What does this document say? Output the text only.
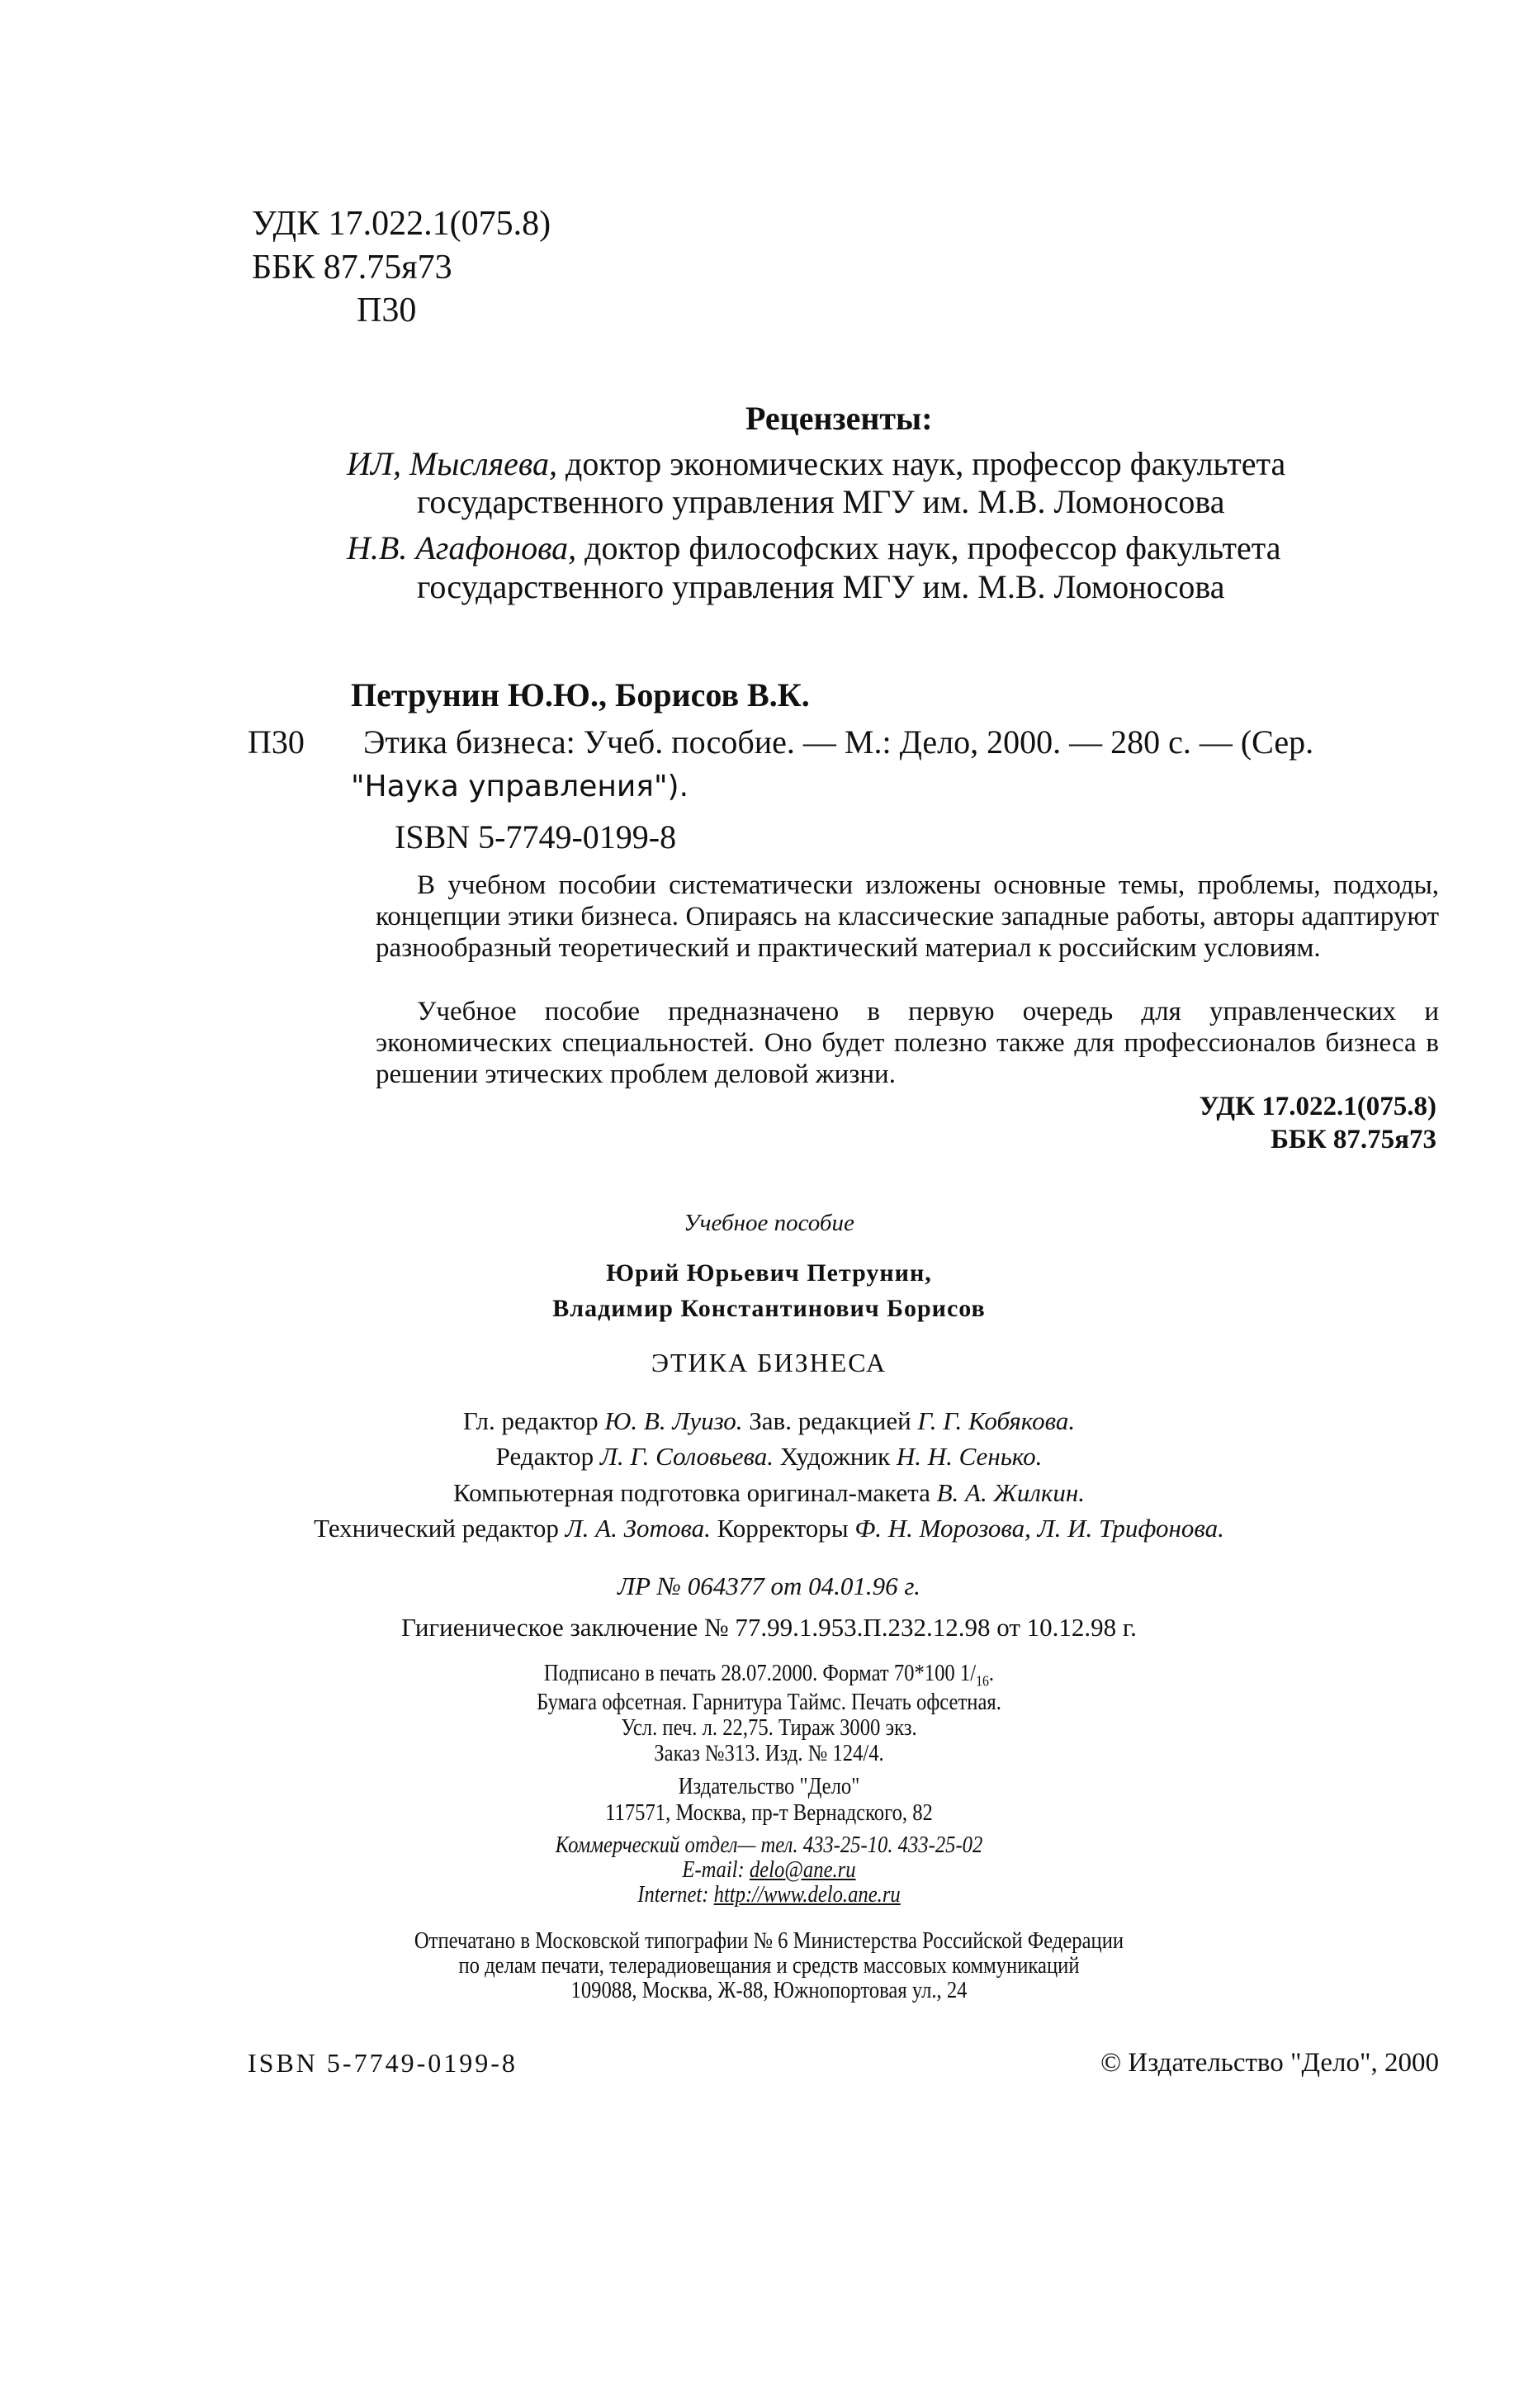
УДК 17.022.1(075.8)
ББК 87.75я73
П30
Рецензенты:
ИЛ, Мысляева, доктор экономических наук, профессор факультета
государственного управления МГУ им. М.В. Ломоносова
Н.В. Агафонова, доктор философских наук, профессор факультета
государственного управления МГУ им. М.В. Ломоносова
Петрунин Ю.Ю., Борисов В.К.
П30 Этика бизнеса: Учеб. пособие. — М.: Дело, 2000. — 280 с. — (Сер.
"Наука управления").
ISBN 5-7749-0199-8
В учебном пособии систематически изложены основные темы, проблемы, подходы, концепции этики бизнеса. Опираясь на классические западные работы, авторы адаптируют разнообразный теоретический и практический материал к российским условиям.
Учебное пособие предназначено в первую очередь для управленческих и экономических специальностей. Оно будет полезно также для профессионалов бизнеса в решении этических проблем деловой жизни.
УДК 17.022.1(075.8)
ББК 87.75я73
Учебное пособие
Юрий Юрьевич Петрунин,
Владимир Константинович Борисов
ЭТИКА БИЗНЕСА
Гл. редактор Ю. В. Луизо. Зав. редакцией Г. Г. Кобякова.
Редактор Л. Г. Соловьева. Художник Н. Н. Сенько.
Компьютерная подготовка оригинал-макета В. А. Жилкин.
Технический редактор Л. А. Зотова. Корректоры Ф. Н. Морозова, Л. И. Трифонова.
ЛР № 064377 от 04.01.96 г.
Гигиеническое заключение № 77.99.1.953.П.232.12.98 от 10.12.98 г.
Подписано в печать 28.07.2000. Формат 70*100 $1/_{16}$.
Бумага офсетная. Гарнитура Таймс. Печать офсетная.
Усл. печ. л. 22,75. Тираж 3000 экз.
Заказ №313. Изд. № 124/4.
Издательство "Дело"
117571, Москва, пр-т Вернадского, 82
Коммерческий отдел— тел. 433-25-10. 433-25-02
E-mail: delo@ane.ru
Internet: http://www.delo.ane.ru
Отпечатано в Московской типографии № 6 Министерства Российской Федерации
по делам печати, телерадиовещания и средств массовых коммуникаций
109088, Москва, Ж-88, Южнопортовая ул., 24
ISBN 5-7749-0199-8	© Издательство "Дело", 2000
